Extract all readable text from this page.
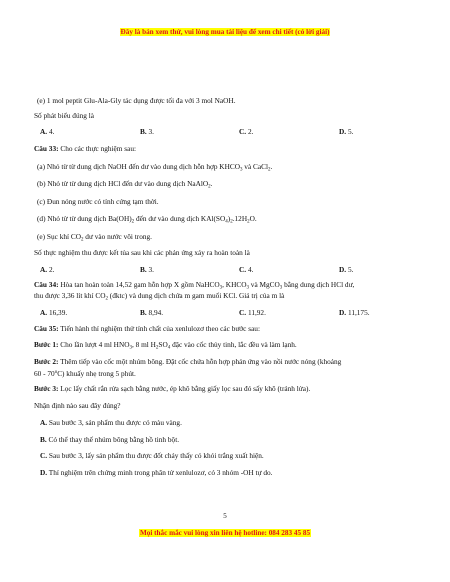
Đây là bản xem thử, vui lòng mua tài liệu để xem chi tiết (có lời giải)
(e) 1 mol peptit Glu-Ala-Gly tác dụng được tối đa với 3 mol NaOH.
Số phát biểu đúng là
A. 4.	B. 3.	C. 2.	D. 5.
Câu 33: Cho các thực nghiệm sau:
(a) Nhỏ từ từ dung dịch NaOH đến dư vào dung dịch hỗn hợp $KHCO_3$ và CaCl$_2$.
(b) Nhỏ từ từ dung dịch HCl đến dư vào dung dịch NaAlO$_2$.
(c) Đun nóng nước có tính cứng tạm thời.
(d) Nhỏ từ từ dung dịch $Ba(OH)_2$ đến dư vào dung dịch $KAl(SO_4)_2.12H_2O$.
(e) Sục khí $CO_2$ dư vào nước vôi trong.
Số thực nghiệm thu được kết tủa sau khi các phản ứng xảy ra hoàn toàn là
A. 2.	B. 3.	C. 4.	D. 5.
Câu 34: Hòa tan hoàn toàn 14,52 gam hỗn hợp X gồm NaHCO$_3$, $KHCO_3$ và MgCO$_3$ bằng dung dịch HCl dư,
thu được 3,36 lít khí $CO_2$ (đktc) và dung dịch chứa m gam muối KCl. Giá trị của m là
A. 16,39.	B. 8,94.	C. 11,92.	D. 11,175.
Câu 35: Tiến hành thí nghiệm thử tính chất của xenlulozơ theo các bước sau:
Bước 1: Cho lần lượt 4 ml $HNO_3$, 8 ml $H_2SO_4$ đặc vào cốc thủy tinh, lắc đều và làm lạnh.
Bước 2: Thêm tiếp vào cốc một nhúm bông. Đặt cốc chứa hỗn hợp phản ứng vào nồi nước nóng (khoảng
60 - 70$^o$C) khuấy nhẹ trong 5 phút.
Bước 3: Lọc lấy chất rắn rửa sạch bằng nước, ép khô bằng giấy lọc sau đó sấy khô (tránh lửa).
Nhận định nào sau đây đúng?
A. Sau bước 3, sản phẩm thu được có màu vàng.
B. Có thể thay thế nhúm bông bằng hồ tinh bột.
C. Sau bước 3, lấy sản phẩm thu được đốt cháy thấy có khói trắng xuất hiện.
D. Thí nghiệm trên chứng minh trong phân tử xenlulozơ, có 3 nhóm -OH tự do.
5
Mọi thắc mắc vui lòng xin liên hệ hotline: 084 283 45 85
